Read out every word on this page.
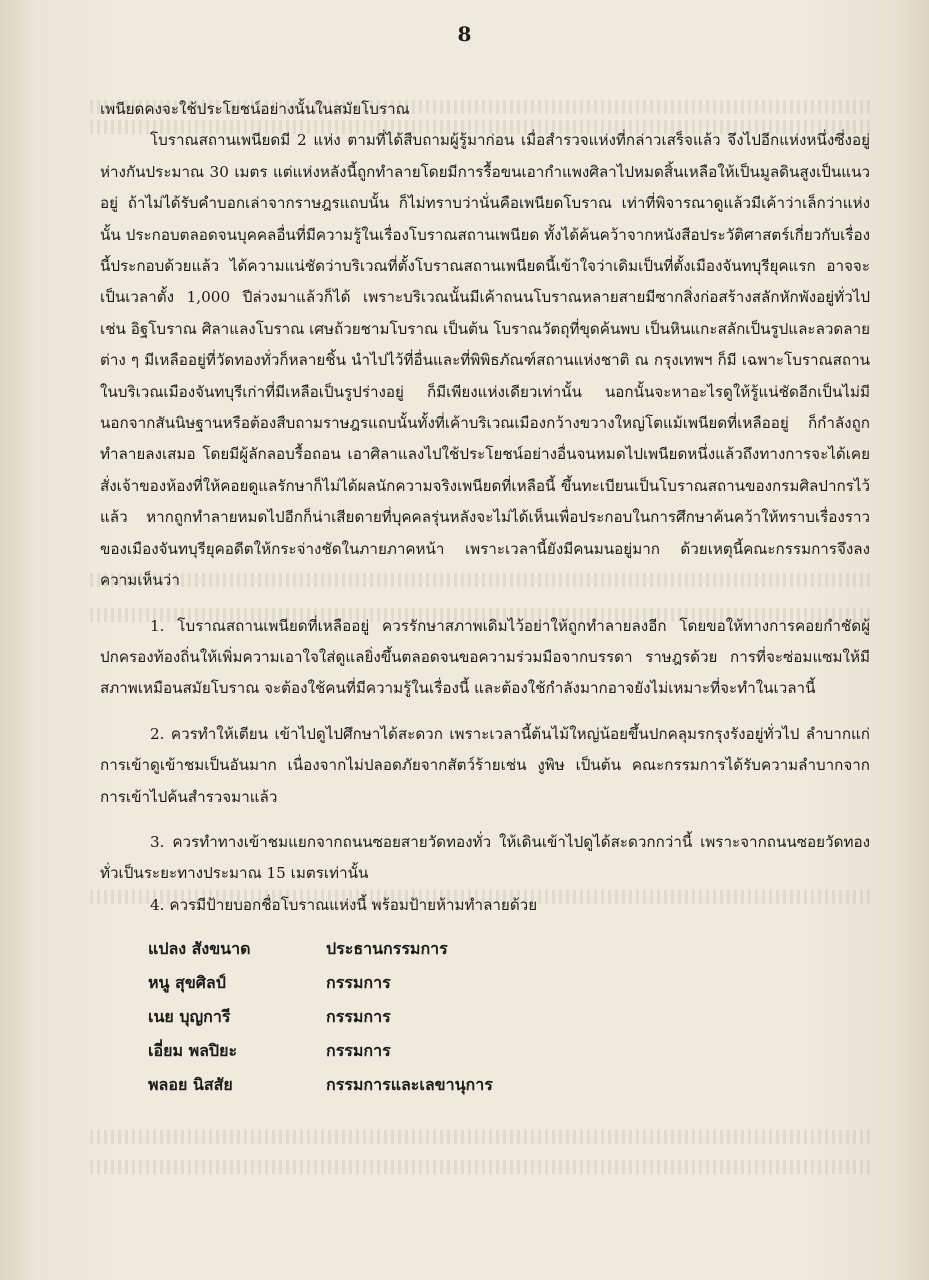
8

เพนียดคงจะใช้ประโยชน์อย่างนั้นในสมัยโบราณ

โบราณสถานเพนียดมี 2 แห่ง ตามที่ได้สืบถามผู้รู้มาก่อน เมื่อสำรวจแห่งที่กล่าวเสร็จแล้ว จึงไปอีกแห่งหนึ่งซึ่งอยู่ห่างกันประมาณ 30 เมตร แต่แห่งหลังนี้ถูกทำลายโดยมีการรื้อขนเอากำแพงศิลาไปหมดสิ้นเหลือให้เป็นมูลดินสูงเป็นแนวอยู่ ถ้าไม่ได้รับคำบอกเล่าจากราษฎรแถบนั้น ก็ไม่ทราบว่านั่นคือเพนียดโบราณ เท่าที่พิจารณาดูแล้วมีเค้าว่าเล็กว่าแห่งนั้น ประกอบตลอดจนบุคคลอื่นที่มีความรู้ในเรื่องโบราณสถานเพนียด ทั้งได้ค้นคว้าจากหนังสือประวัติศาสตร์เกี่ยวกับเรื่องนี้ประกอบด้วยแล้ว ได้ความแน่ชัดว่าบริเวณที่ตั้งโบราณสถานเพนียดนี้เข้าใจว่าเดิมเป็นที่ตั้งเมืองจันทบุรียุคแรก อาจจะเป็นเวลาตั้ง 1,000 ปีล่วงมาแล้วก็ได้ เพราะบริเวณนั้นมีเค้าถนนโบราณหลายสายมีซากสิ่งก่อสร้างสลักหักพังอยู่ทั่วไปเช่น อิฐโบราณ ศิลาแลงโบราณ เศษถ้วยชามโบราณ เป็นต้น โบราณวัตถุที่ขุดค้นพบ เป็นหินแกะสลักเป็นรูปและลวดลายต่าง ๆ มีเหลืออยู่ที่วัดทองทั่วก็หลายชิ้น นำไปไว้ที่อื่นและที่พิพิธภัณฑ์สถานแห่งชาติ ณ กรุงเทพฯ ก็มี เฉพาะโบราณสถานในบริเวณเมืองจันทบุรีเก่าที่มีเหลือเป็นรูปร่างอยู่ ก็มีเพียงแห่งเดียวเท่านั้น นอกนั้นจะหาอะไรดูให้รู้แน่ชัดอีกเป็นไม่มี นอกจากสันนิษฐานหรือต้องสืบถามราษฎรแถบนั้นทั้งที่เค้าบริเวณเมืองกว้างขวางใหญ่โตแม้เพนียดที่เหลืออยู่ ก็กำลังถูกทำลายลงเสมอ โดยมีผู้ลักลอบรื้อถอน เอาศิลาแลงไปใช้ประโยชน์อย่างอื่นจนหมดไปเพนียดหนึ่งแล้วถึงทางการจะได้เคยสั่งเจ้าของห้องที่ให้คอยดูแลรักษาก็ไม่ได้ผลนักความจริงเพนียดที่เหลือนี้ ขึ้นทะเบียนเป็นโบราณสถานของกรมศิลปากรไว้แล้ว หากถูกทำลายหมดไปอีกก็น่าเสียดายที่บุคคลรุ่นหลังจะไม่ได้เห็นเพื่อประกอบในการศึกษาค้นคว้าให้ทราบเรื่องราวของเมืองจันทบุรียุคอดีตให้กระจ่างชัดในภายภาคหน้า เพราะเวลานี้ยังมีคนมนอยู่มาก ด้วยเหตุนี้คณะกรรมการจึงลงความเห็นว่า

1. โบราณสถานเพนียดที่เหลืออยู่ ควรรักษาสภาพเดิมไว้อย่าให้ถูกทำลายลงอีก โดยขอให้ทางการคอยกำชัดผู้ปกครองท้องถิ่นให้เพิ่มความเอาใจใส่ดูแลยิ่งขึ้นตลอดจนขอความร่วมมือจากบรรดา ราษฎรด้วย การที่จะซ่อมแซมให้มีสภาพเหมือนสมัยโบราณ จะต้องใช้คนที่มีความรู้ในเรื่องนี้ และต้องใช้กำลังมากอาจยังไม่เหมาะที่จะทำในเวลานี้

2. ควรทำให้เตียน เข้าไปดูไปศึกษาได้สะดวก เพราะเวลานี้ต้นไม้ใหญ่น้อยขึ้นปกคลุมรกรุงรังอยู่ทั่วไป ลำบากแก่การเข้าดูเข้าชมเป็นอันมาก เนื่องจากไม่ปลอดภัยจากสัตว์ร้ายเช่น งูพิษ เป็นต้น คณะกรรมการได้รับความลำบากจากการเข้าไปค้นสำรวจมาแล้ว

3. ควรทำทางเข้าชมแยกจากถนนซอยสายวัดทองทั่ว ให้เดินเข้าไปดูได้สะดวกกว่านี้ เพราะจากถนนซอยวัดทองทั่วเป็นระยะทางประมาณ 15 เมตรเท่านั้น

4. ควรมีป้ายบอกชื่อโบราณแห่งนี้ พร้อมป้ายห้ามทำลายด้วย

แปลง สังขนาด	ประธานกรรมการ
หนู สุขศิลป์	กรรมการ
เนย บุญการี	กรรมการ
เอี่ยม พลปิยะ	กรรมการ
พลอย นิสสัย	กรรมการและเลขานุการ
